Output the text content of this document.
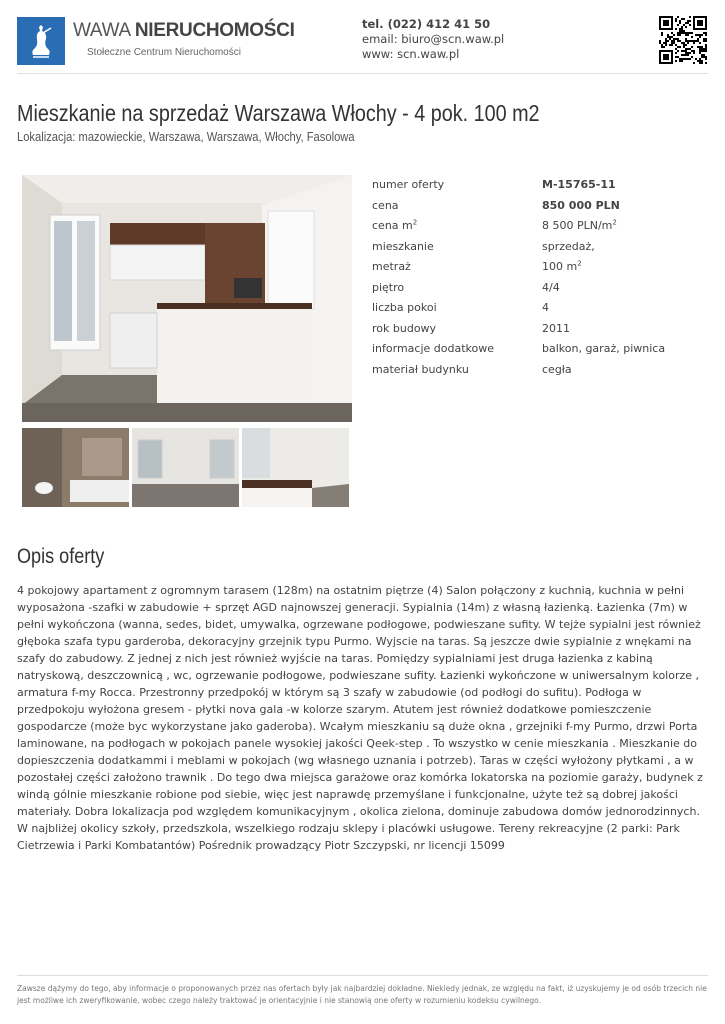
WAWA NIERUCHOMOŚCI
Stołeczne Centrum Nieruchomości
tel. (022) 412 41 50
email: biuro@scn.waw.pl
www: scn.waw.pl
Mieszkanie na sprzedaż Warszawa Włochy - 4 pok. 100 m2
Lokalizacja: mazowieckie, Warszawa, Warszawa, Włochy, Fasolowa
numer oferty	M-15765-11
cena	850 000 PLN
cena $m^2$	8 500 PLN/$m^2$
mieszkanie	sprzedaż,
metraż	100 $m^2$
piętro	4/4
liczba pokoi	4
rok budowy	2011
informacje dodatkowe	balkon, garaż, piwnica
materiał budynku	cegła
Opis oferty
4 pokojowy apartament z ogromnym tarasem (128m) na ostatnim piętrze (4) Salon połączony z kuchnią, kuchnia w pełni wyposażona -szafki w zabudowie + sprzęt AGD najnowszej generacji. Sypialnia (14m) z własną łazienką. Łazienka (7m) w pełni wykończona (wanna, sedes, bidet, umywalka, ogrzewane podłogowe, podwieszane sufity. W tejże sypialni jest również głęboka szafa typu garderoba, dekoracyjny grzejnik typu Purmo. Wyjscie na taras. Są jeszcze dwie sypialnie z wnękami na szafy do zabudowy. Z jednej z nich jest również wyjście na taras. Pomiędzy sypialniami jest druga łazienka z kabiną natryskową, deszczownicą , wc, ogrzewanie podłogowe, podwieszane sufity. Łazienki wykończone w uniwersalnym kolorze , armatura f-my Rocca. Przestronny przedpokój w którym są 3 szafy w zabudowie (od podłogi do sufitu). Podłoga w przedpokoju wyłożona gresem - płytki nova gala -w kolorze szarym. Atutem jest również dodatkowe pomieszczenie gospodarcze (może byc wykorzystane jako gaderoba). Wcałym mieszkaniu są duże okna , grzejniki f-my Purmo, drzwi Porta laminowane, na podłogach w pokojach panele wysokiej jakości Qeek-step . To wszystko w cenie mieszkania . Mieszkanie do dopieszczenia dodatkammi i meblami w pokojach (wg własnego uznania i potrzeb). Taras w części wyłożony płytkami , a w pozostałej części założono trawnik . Do tego dwa miejsca garażowe oraz komórka lokatorska na poziomie garaży, budynek z windą gólnie mieszkanie robione pod siebie, więc jest naprawdę przemyślane i funkcjonalne, użyte też są dobrej jakości materiały. Dobra lokalizacja pod względem komunikacyjnym , okolica zielona, dominuje zabudowa domów jednorodzinnych. W najbliżej okolicy szkoły, przedszkola, wszelkiego rodzaju sklepy i placówki usługowe. Tereny rekreacyjne (2 parki: Park Cietrzewia i Parki Kombatantów) Pośrednik prowadzący Piotr Szczypski, nr licencji 15099
Zawsze dążymy do tego, aby informacje o proponowanych przez nas ofertach były jak najbardziej dokładne. Niekiedy jednak, ze względu na fakt, iż uzyskujemy je od osób trzecich nie jest możliwe ich zweryfikowanie, wobec czego należy traktować je orientacyjnie i nie stanowią one oferty w rozumieniu kodeksu cywilnego.
